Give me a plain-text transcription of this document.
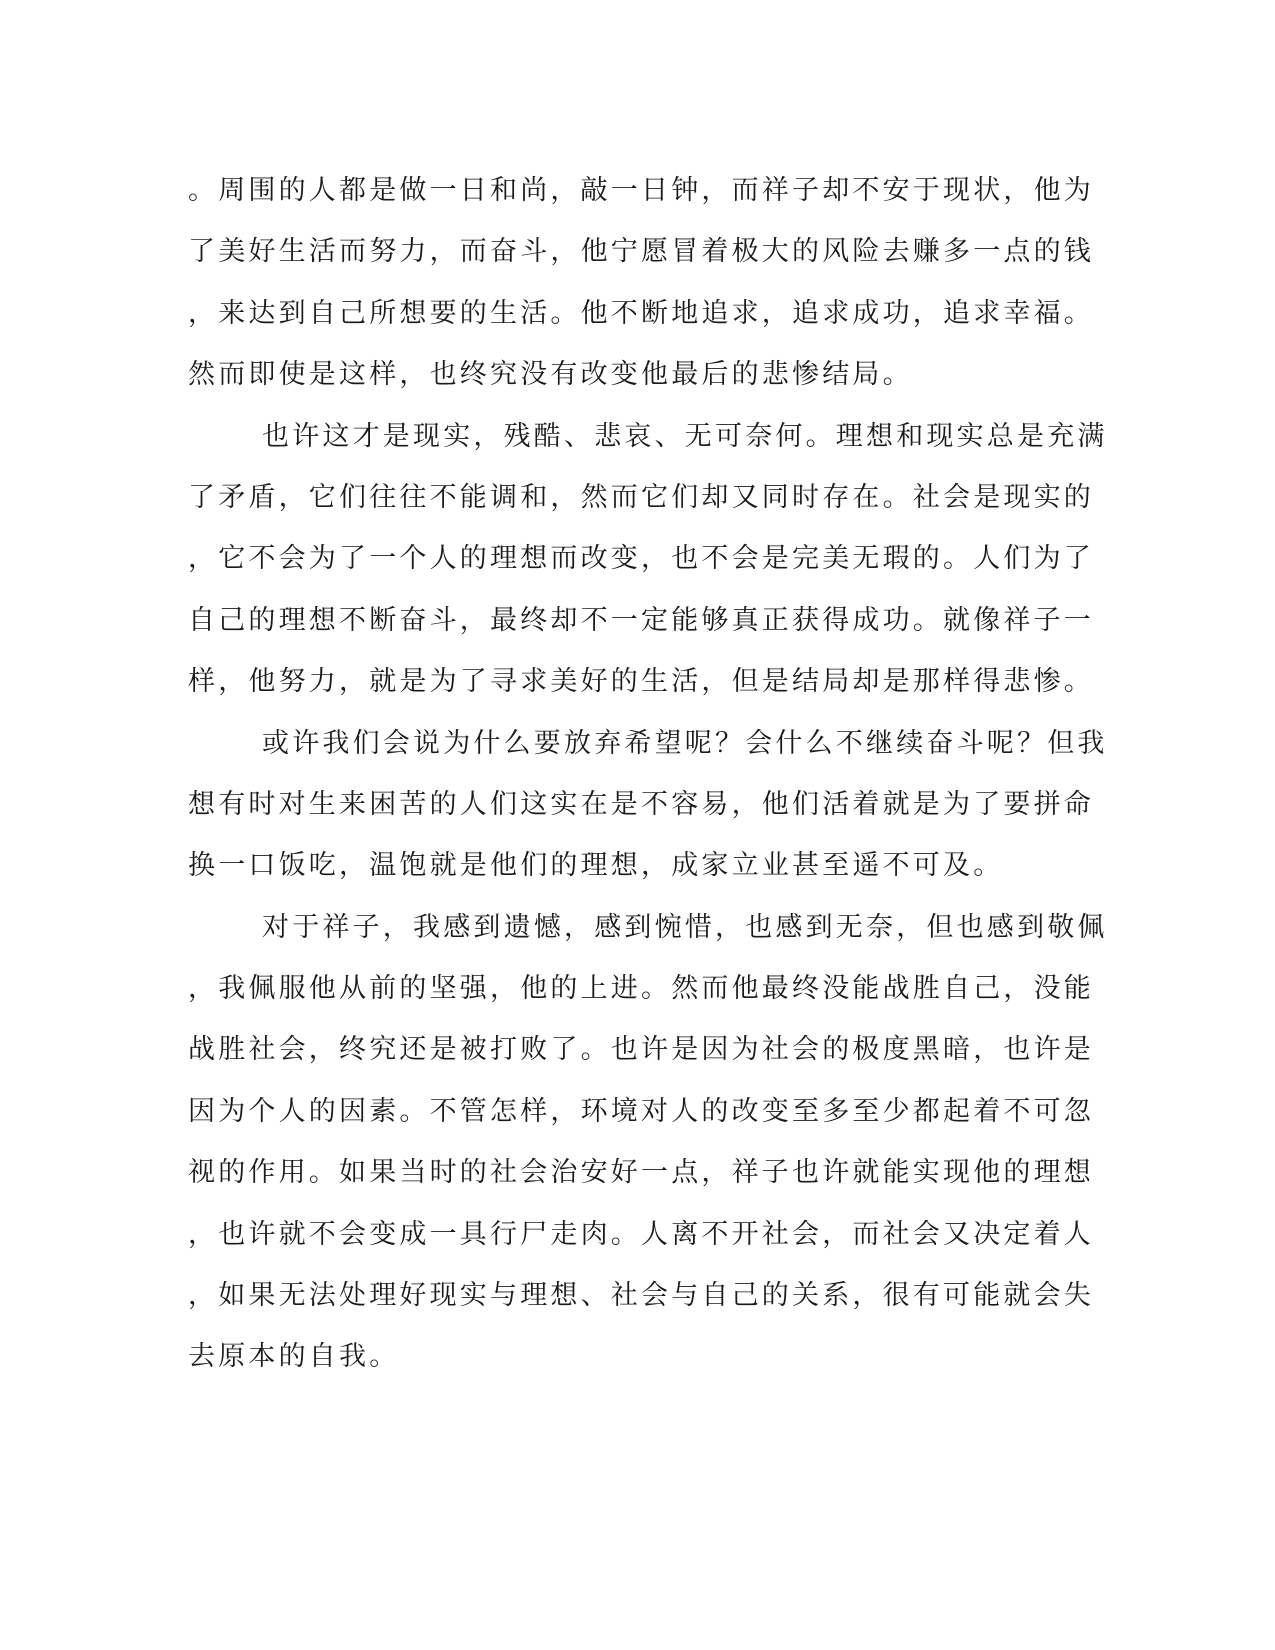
。周围的人都是做一日和尚，敲一日钟，而祥子却不安于现状，他为
了美好生活而努力，而奋斗，他宁愿冒着极大的风险去赚多一点的钱
，来达到自己所想要的生活。他不断地追求，追求成功，追求幸福。
然而即使是这样，也终究没有改变他最后的悲惨结局。
也许这才是现实，残酷、悲哀、无可奈何。理想和现实总是充满
了矛盾，它们往往不能调和，然而它们却又同时存在。社会是现实的
，它不会为了一个人的理想而改变，也不会是完美无瑕的。人们为了
自己的理想不断奋斗，最终却不一定能够真正获得成功。就像祥子一
样，他努力，就是为了寻求美好的生活，但是结局却是那样得悲惨。
或许我们会说为什么要放弃希望呢？会什么不继续奋斗呢？但我
想有时对生来困苦的人们这实在是不容易，他们活着就是为了要拼命
换一口饭吃，温饱就是他们的理想，成家立业甚至遥不可及。
对于祥子，我感到遗憾，感到惋惜，也感到无奈，但也感到敬佩
，我佩服他从前的坚强，他的上进。然而他最终没能战胜自己，没能
战胜社会，终究还是被打败了。也许是因为社会的极度黑暗，也许是
因为个人的因素。不管怎样，环境对人的改变至多至少都起着不可忽
视的作用。如果当时的社会治安好一点，祥子也许就能实现他的理想
，也许就不会变成一具行尸走肉。人离不开社会，而社会又决定着人
，如果无法处理好现实与理想、社会与自己的关系，很有可能就会失
去原本的自我。
